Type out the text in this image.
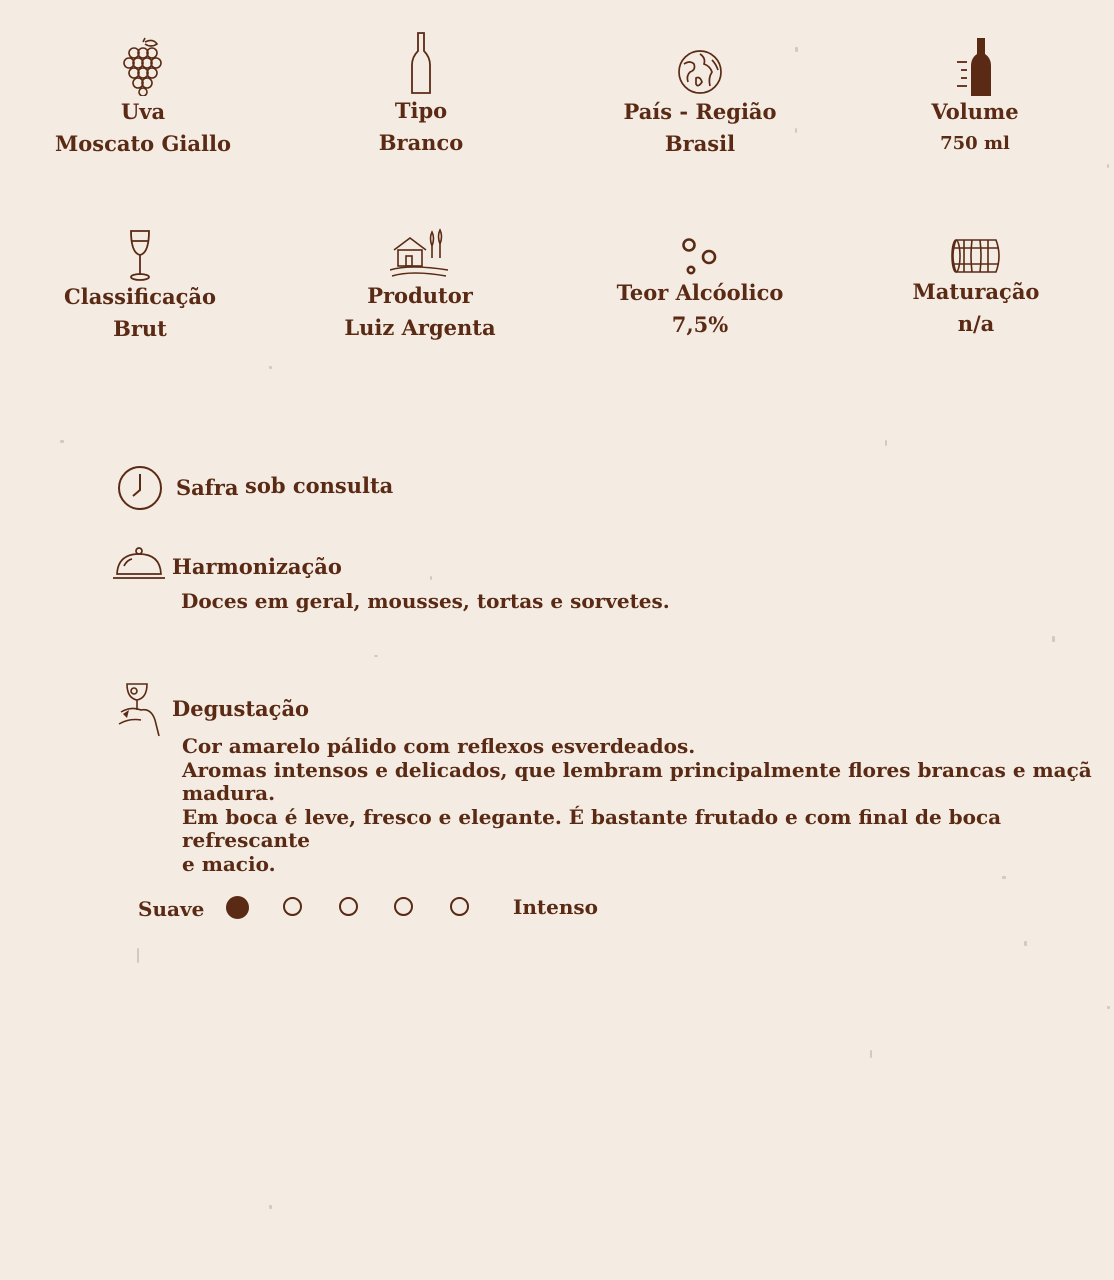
Uva
Moscato Giallo
Tipo
Branco
País - Região
Brasil
Volume
750 ml
Classificação
Brut
Produtor
Luiz Argenta
Teor Alcóolico
7,5%
Maturação
n/a
Safra sob consulta
Harmonização
Doces em geral, mousses, tortas e sorvetes.
Degustação

Cor amarelo pálido com reflexos esverdeados.

Aromas intensos e delicados, que lembram principalmente flores brancas e maçã madura.

Em boca é leve, fresco e elegante. É bastante frutado e com final de boca refrescante

e macio.

Suave	Intenso
